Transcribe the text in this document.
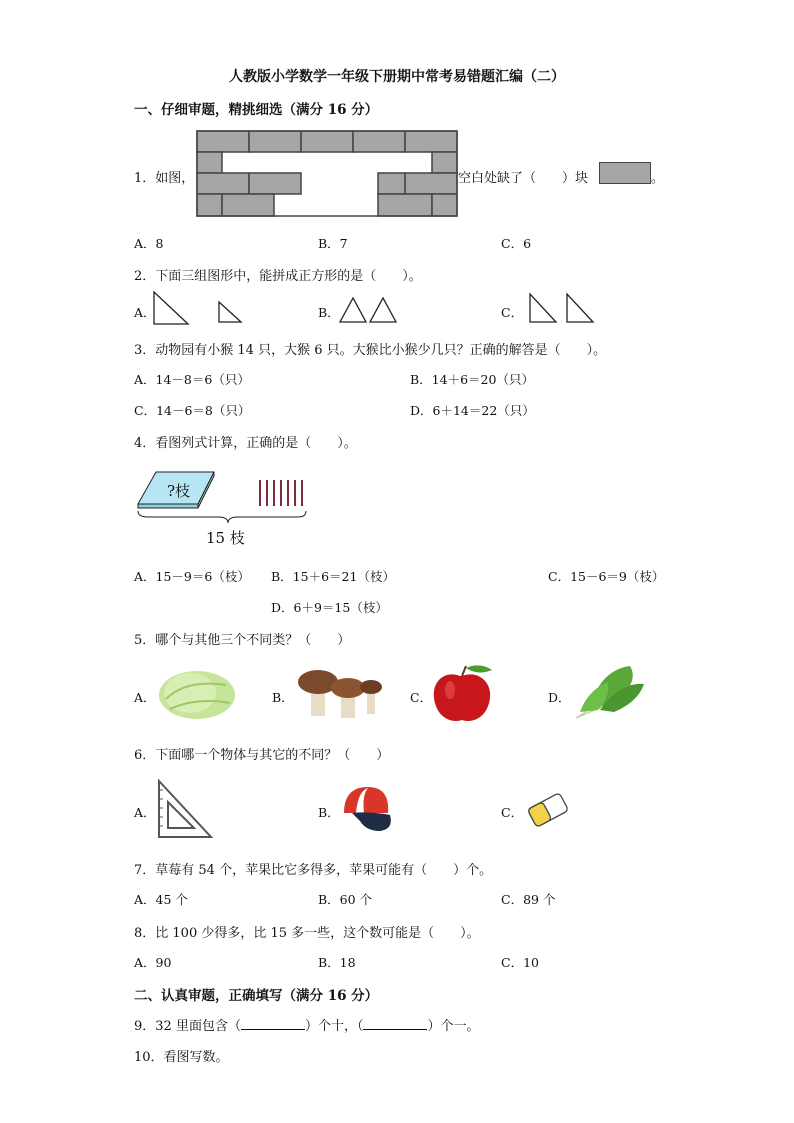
人教版小学数学一年级下册期中常考易错题汇编（二）
一、仔细审题，精挑细选（满分 16 分）
1．如图，	空白处缺了（　　）块	。
A．8	B．7	C．6
2．下面三组图形中，能拼成正方形的是（　　）。
A．	B．	C．
3．动物园有小猴 14 只，大猴 6 只。大猴比小猴少几只？正确的解答是（　　）。
A．14－8＝6（只）	B．14＋6＝20（只）
C．14－6＝8（只）	D．6＋14＝22（只）
4．看图列式计算，正确的是（　　）。
?枝
15 枝
A．15－9＝6（枝） B．15＋6＝21（枝）	C．15－6＝9（枝）
D．6＋9＝15（枝）
5．哪个与其他三个不同类？（　　）
A．	B．	C．	D．
6．下面哪一个物体与其它的不同？（　　）
A．	B．	C．
7．草莓有 54 个，苹果比它多得多，苹果可能有（　　）个。
A．45 个	B．60 个	C．89 个
8．比 100 少得多，比 15 多一些，这个数可能是（　　）。
A．90	B．18	C．10
二、认真审题，正确填写（满分 16 分）
9．32 里面包含（	）个十，（	）个一。
10．看图写数。
